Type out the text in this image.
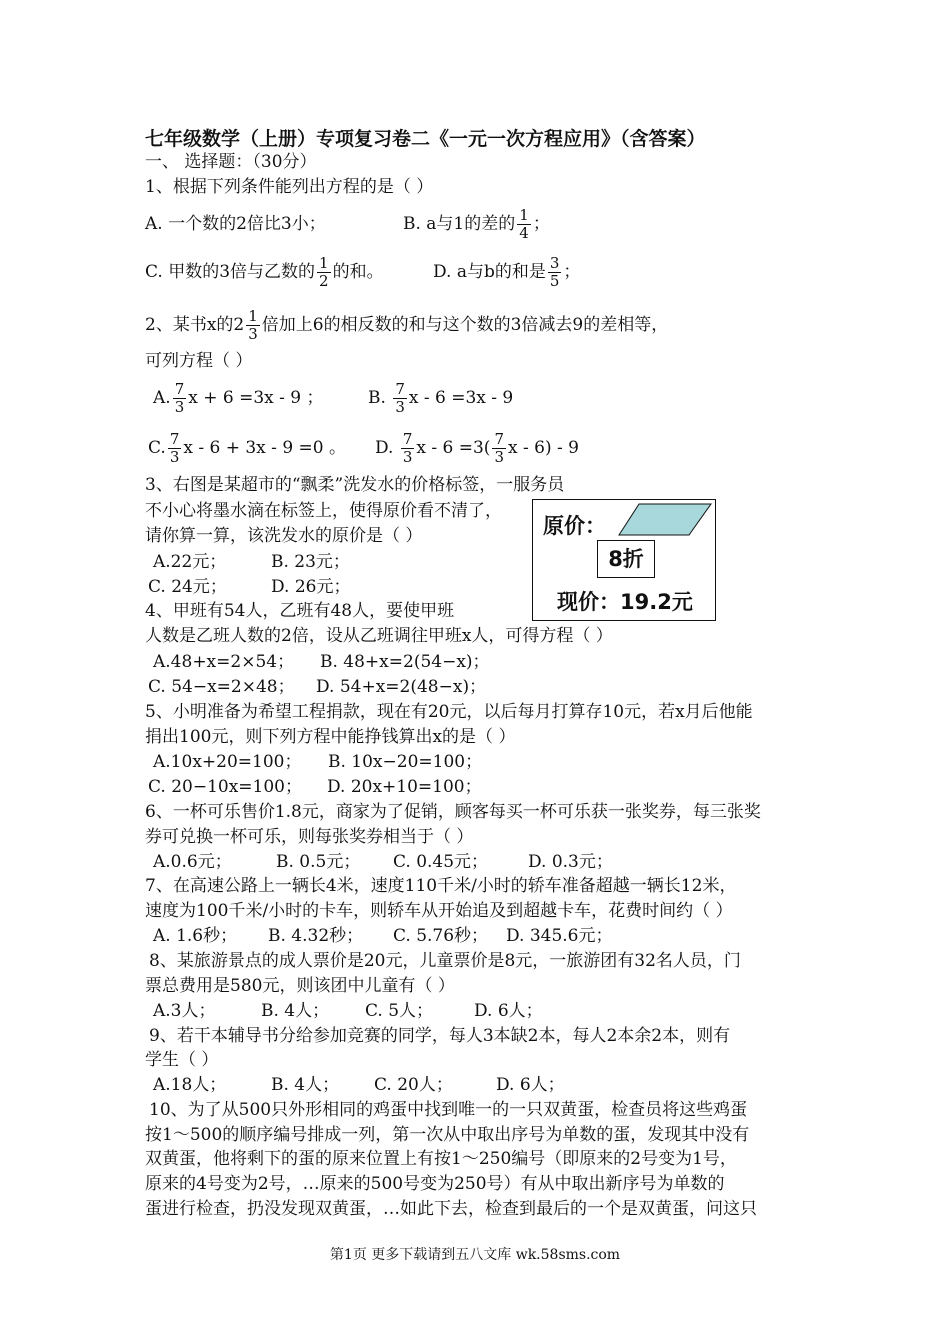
七年级数学（上册）专项复习卷二《一元一次方程应用》（含答案）
一、 选择题：（30分）
1、根据下列条件能列出方程的是（ ）
A. 一个数的2倍比3小；	B. a与1的差的 $\frac{1}{4}$ ；
C. 甲数的3倍与乙数的 $\frac{1}{2}$ 的和。	D. a与b的和是 $\frac{3}{5}$ ；
2、某书x的 $2 \frac{1}{3}$ 倍加上6的相反数的和与这个数的3倍减去9的差相等，
可列方程（ ）
A. $\frac{7}{3}$ x + 6 =3x - 9 ；	B.
$\frac{7}{3}$ x - 6 =3x - 9
C. $\frac{7}{3}$ x - 6 + 3x - 9 =0 。 D.
$\frac{7}{3}$ $x - 6 =3( \frac{7}{3}$ x - 6) - 9
3、右图是某超市的“飘柔”洗发水的价格标签，一服务员
不小心将墨水滴在标签上，使得原价看不清了，
请你算一算，该洗发水的原价是（ ）
A.22元；	B. 23元；
C. 24元；	D. 26元；
原价：
8折
现价：19.2元
4、甲班有54人，乙班有48人，要使甲班
人数是乙班人数的2倍，设从乙班调往甲班x人，可得方程（ ）
A.48+x=2×54； B. 48+x=2(54−x)；
C. 54−x=2×48； D. 54+x=2(48−x)；
5、小明准备为希望工程捐款，现在有20元，以后每月打算存10元，若x月后他能
捐出100元，则下列方程中能挣钱算出x的是（ ）
A.10x+20=100； B. 10x−20=100；
C. 20−10x=100； D. 20x+10=100；
6、一杯可乐售价1.8元，商家为了促销，顾客每买一杯可乐获一张奖券，每三张奖
券可兑换一杯可乐，则每张奖券相当于（ ）
A.0.6元；	B. 0.5元； C. 0.45元； D. 0.3元；
7、在高速公路上一辆长4米，速度110千米/小时的轿车准备超越一辆长12米，
速度为100千米/小时的卡车，则轿车从开始追及到超越卡车，花费时间约（ ）
A. 1.6秒； B. 4.32秒； C. 5.76秒； D. 345.6元；
8、某旅游景点的成人票价是20元，儿童票价是8元，一旅游团有32名人员，门
票总费用是580元，则该团中儿童有（ ）
A.3人；	B. 4人； C. 5人； D. 6人；
9、若干本辅导书分给参加竞赛的同学，每人3本缺2本，每人2本余2本，则有
学生（ ）
A.18人；	B. 4人； C. 20人；	D. 6人；
10、为了从500只外形相同的鸡蛋中找到唯一的一只双黄蛋，检查员将这些鸡蛋
按1～500的顺序编号排成一列，第一次从中取出序号为单数的蛋，发现其中没有
双黄蛋，他将剩下的蛋的原来位置上有按1～250编号（即原来的2号变为1号，
原来的4号变为2号，…原来的500号变为250号）有从中取出新序号为单数的
蛋进行检查，扔没发现双黄蛋，…如此下去，检查到最后的一个是双黄蛋，问这只
第1页 更多下载请到五八文库 wk.58sms.com
